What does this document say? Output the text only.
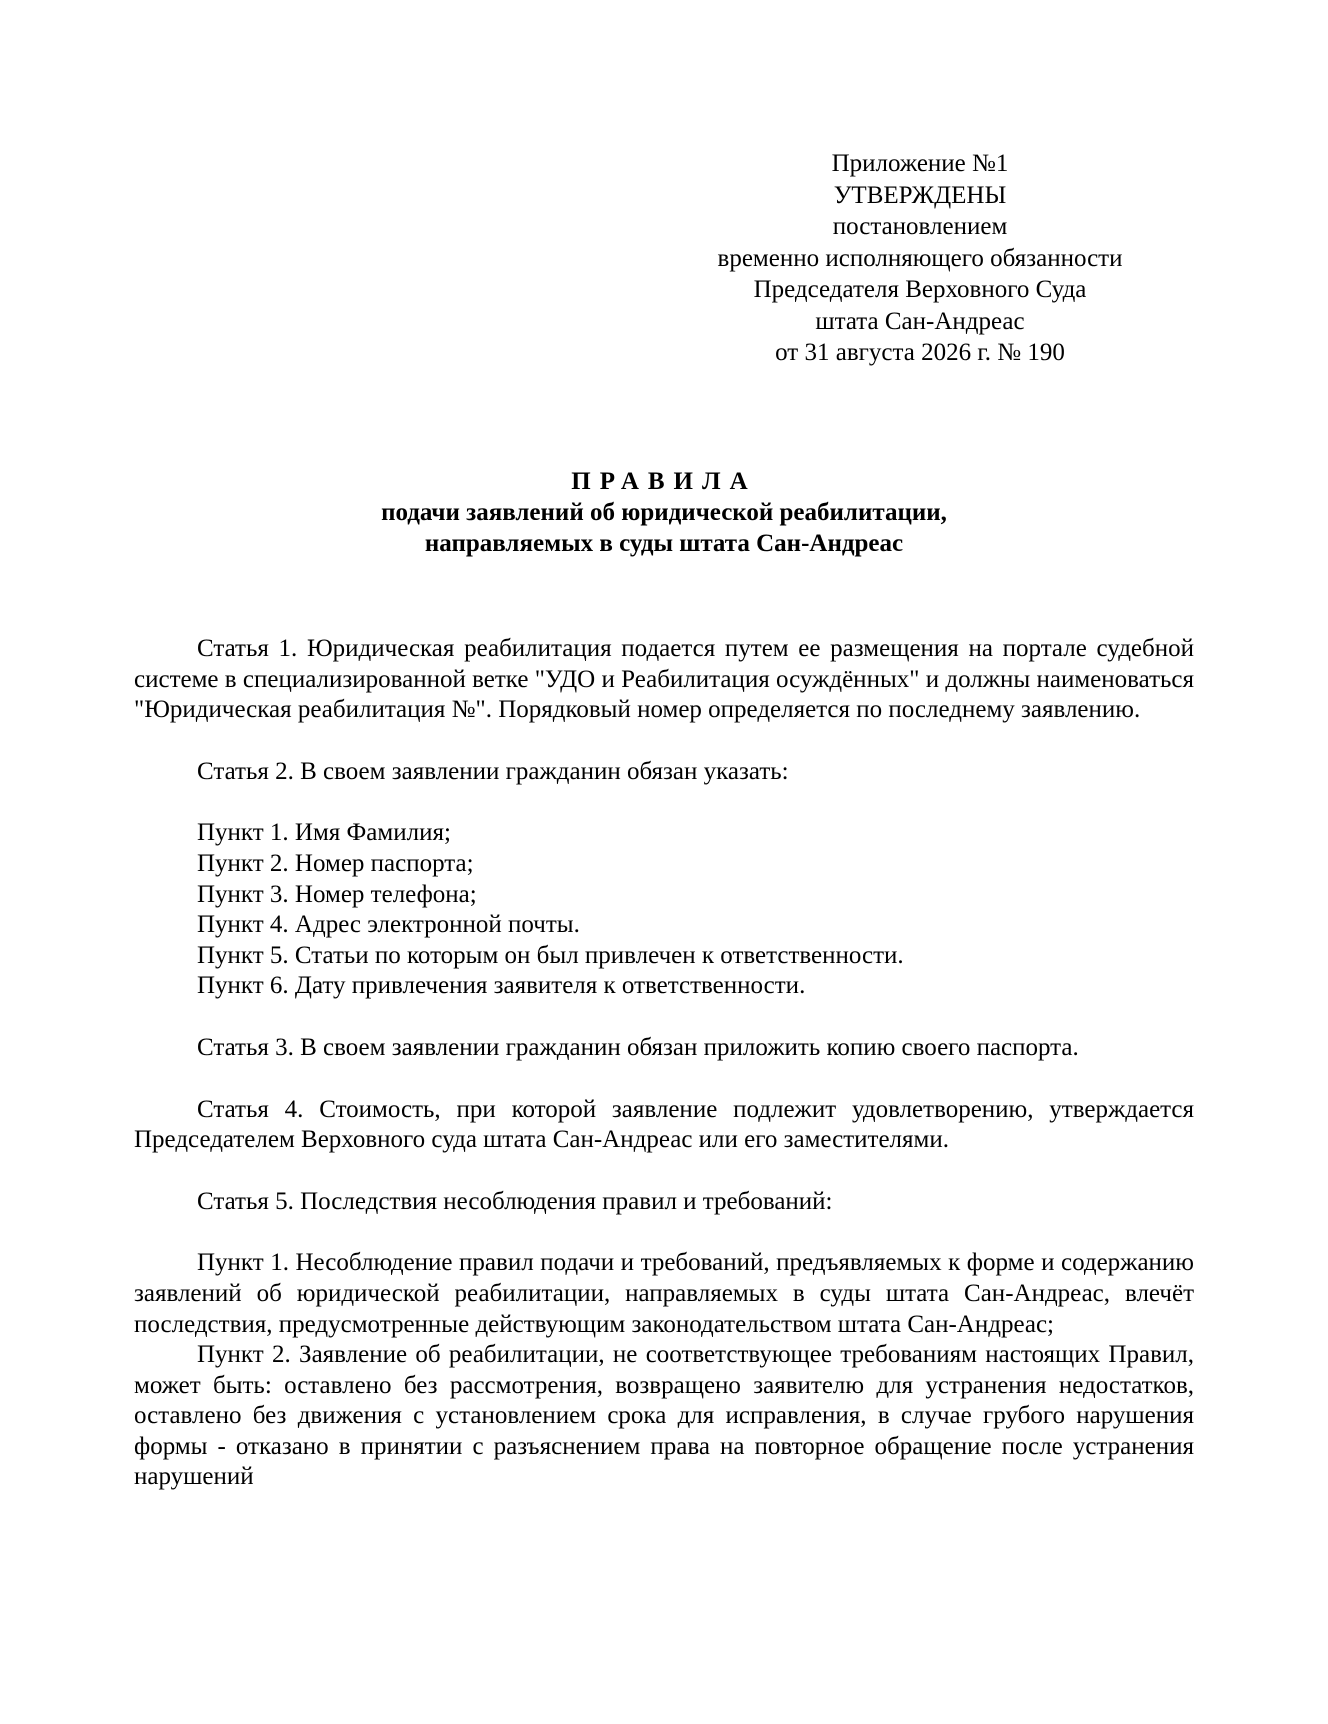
Приложение №1
УТВЕРЖДЕНЫ
постановлением
временно исполняющего обязанности
Председателя Верховного Суда
штата Сан-Андреас
от 31 августа 2026 г. № 190
ПРАВИЛА
подачи заявлений об юридической реабилитации,
направляемых в суды штата Сан-Андреас

Статья 1. Юридическая реабилитация подается путем ее размещения на портале судебной системе в специализированной ветке "УДО и Реабилитация осуждённых" и должны наименоваться "Юридическая реабилитация №". Порядковый номер определяется по последнему заявлению.

Статья 2. В своем заявлении гражданин обязан указать:

Пункт 1. Имя Фамилия;

Пункт 2. Номер паспорта;

Пункт 3. Номер телефона;

Пункт 4. Адрес электронной почты.

Пункт 5. Статьи по которым он был привлечен к ответственности.

Пункт 6. Дату привлечения заявителя к ответственности.

Статья 3. В своем заявлении гражданин обязан приложить копию своего паспорта.

Статья 4. Стоимость, при которой заявление подлежит удовлетворению, утверждается Председателем Верховного суда штата Сан-Андреас или его заместителями.

Статья 5. Последствия несоблюдения правил и требований:

Пункт 1. Несоблюдение правил подачи и требований, предъявляемых к форме и содержанию заявлений об юридической реабилитации, направляемых в суды штата Сан-Андреас, влечёт последствия, предусмотренные действующим законодательством штата Сан-Андреас;

Пункт 2. Заявление об реабилитации, не соответствующее требованиям настоящих Правил, может быть: оставлено без рассмотрения, возвращено заявителю для устранения недостатков, оставлено без движения с установлением срока для исправления, в случае грубого нарушения формы - отказано в принятии с разъяснением права на повторное обращение после устранения нарушений
